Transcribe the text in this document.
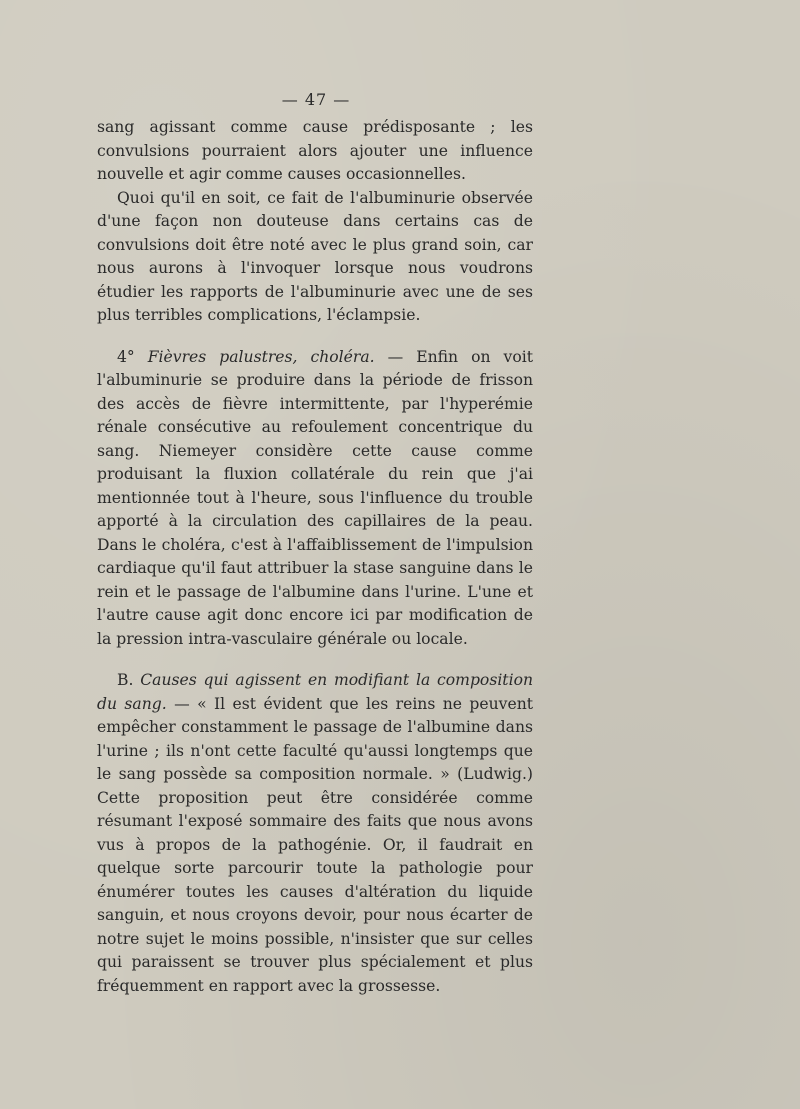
— 47 —

sang agissant comme cause prédisposante ; les convulsions pourraient alors ajouter une influence nouvelle et agir comme causes occasionnelles.

Quoi qu'il en soit, ce fait de l'albuminurie observée d'une façon non douteuse dans certains cas de convulsions doit être noté avec le plus grand soin, car nous aurons à l'invoquer lorsque nous voudrons étudier les rapports de l'albuminurie avec une de ses plus terribles complications, l'éclampsie.

4° Fièvres palustres, choléra. — Enfin on voit l'albuminurie se produire dans la période de frisson des accès de fièvre intermittente, par l'hyperémie rénale consécutive au refoulement concentrique du sang. Niemeyer considère cette cause comme produisant la fluxion collatérale du rein que j'ai mentionnée tout à l'heure, sous l'influence du trouble apporté à la circulation des capillaires de la peau. Dans le choléra, c'est à l'affaiblissement de l'impulsion cardiaque qu'il faut attribuer la stase sanguine dans le rein et le passage de l'albumine dans l'urine. L'une et l'autre cause agit donc encore ici par modification de la pression intra-vasculaire générale ou locale.

B. Causes qui agissent en modifiant la composition du sang. — « Il est évident que les reins ne peuvent empêcher constamment le passage de l'albumine dans l'urine ; ils n'ont cette faculté qu'aussi longtemps que le sang possède sa composition normale. » (Ludwig.) Cette proposition peut être considérée comme résumant l'exposé sommaire des faits que nous avons vus à propos de la pathogénie. Or, il faudrait en quelque sorte parcourir toute la pathologie pour énumérer toutes les causes d'altération du liquide sanguin, et nous croyons devoir, pour nous écarter de notre sujet le moins possible, n'insister que sur celles qui paraissent se trouver plus spécialement et plus fréquemment en rapport avec la grossesse.
